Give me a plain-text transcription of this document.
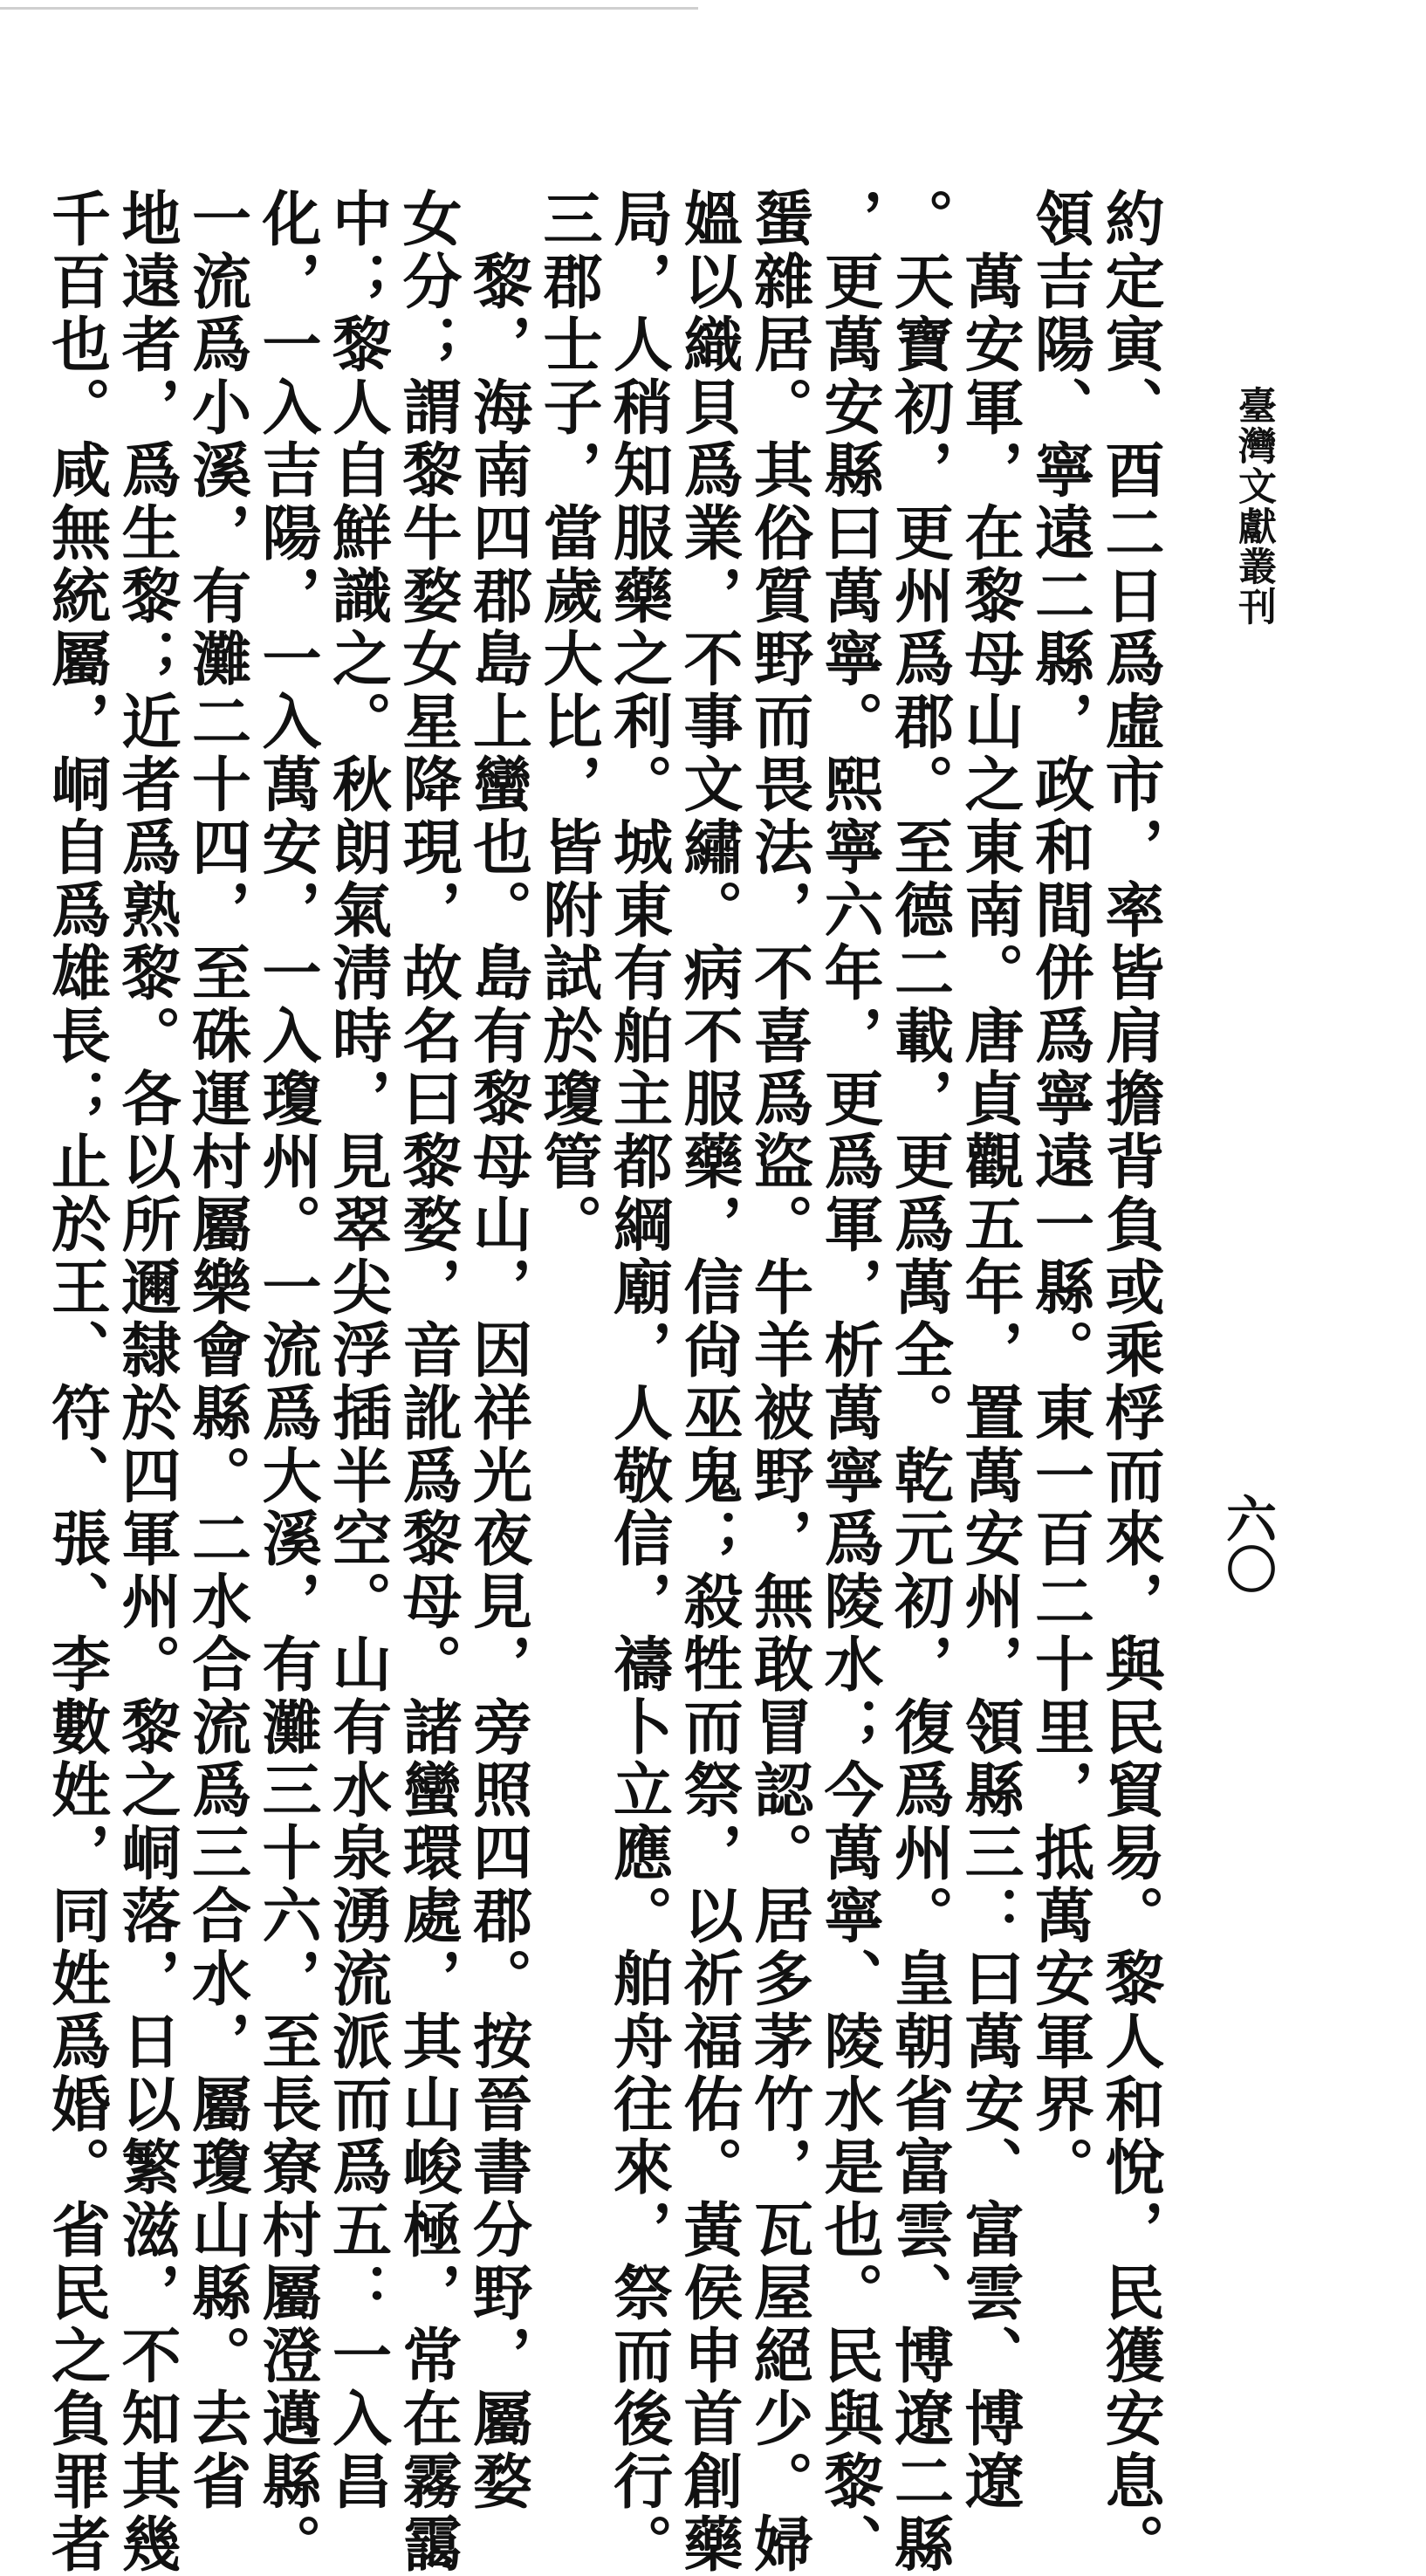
臺灣文獻叢刊
六〇
約定寅、酉二日爲虛市，率皆肩擔背負或乘桴而來，與民貿易。黎人和悅，民獲安息。
領吉陽、寧遠二縣，政和間併爲寧遠一縣。東一百二十里，抵萬安軍界。
　萬安軍，在黎母山之東南。唐貞觀五年，置萬安州，領縣三：曰萬安、富雲、博遼
。天寶初，更州爲郡。至德二載，更爲萬全。乾元初，復爲州。皇朝省富雲、博遼二縣
，更萬安縣曰萬寧。熙寧六年，更爲軍，析萬寧爲陵水；今萬寧、陵水是也。民與黎、
蜑雜居。其俗質野而畏法，不喜爲盜。牛羊被野，無敢冒認。居多茅竹，瓦屋絕少。婦
媼以織貝爲業，不事文繡。病不服藥，信尙巫鬼；殺牲而祭，以祈福佑。黃侯申首創藥
局，人稍知服藥之利。城東有舶主都綱廟，人敬信，禱卜立應。舶舟往來，祭而後行。
三郡士子，當歲大比，皆附試於瓊管。
　黎，海南四郡島上蠻也。島有黎母山，因祥光夜見，旁照四郡。按晉書分野，屬婺
女分；謂黎牛婺女星降現，故名曰黎婺，音訛爲黎母。諸蠻環處，其山峻極，常在霧靄
中；黎人自鮮識之。秋朗氣淸時，見翠尖浮插半空。山有水泉湧流派而爲五：一入昌
化，一入吉陽，一入萬安，一入瓊州。一流爲大溪，有灘三十六，至長寮村屬澄邁縣。
一流爲小溪，有灘二十四，至硃運村屬樂會縣。二水合流爲三合水，屬瓊山縣。去省
地遠者，爲生黎；近者爲熟黎。各以所邇隸於四軍州。黎之峒落，日以繁滋，不知其幾
千百也。咸無統屬，峒自爲雄長；止於王、符、張、李數姓，同姓爲婚。省民之負罪者
